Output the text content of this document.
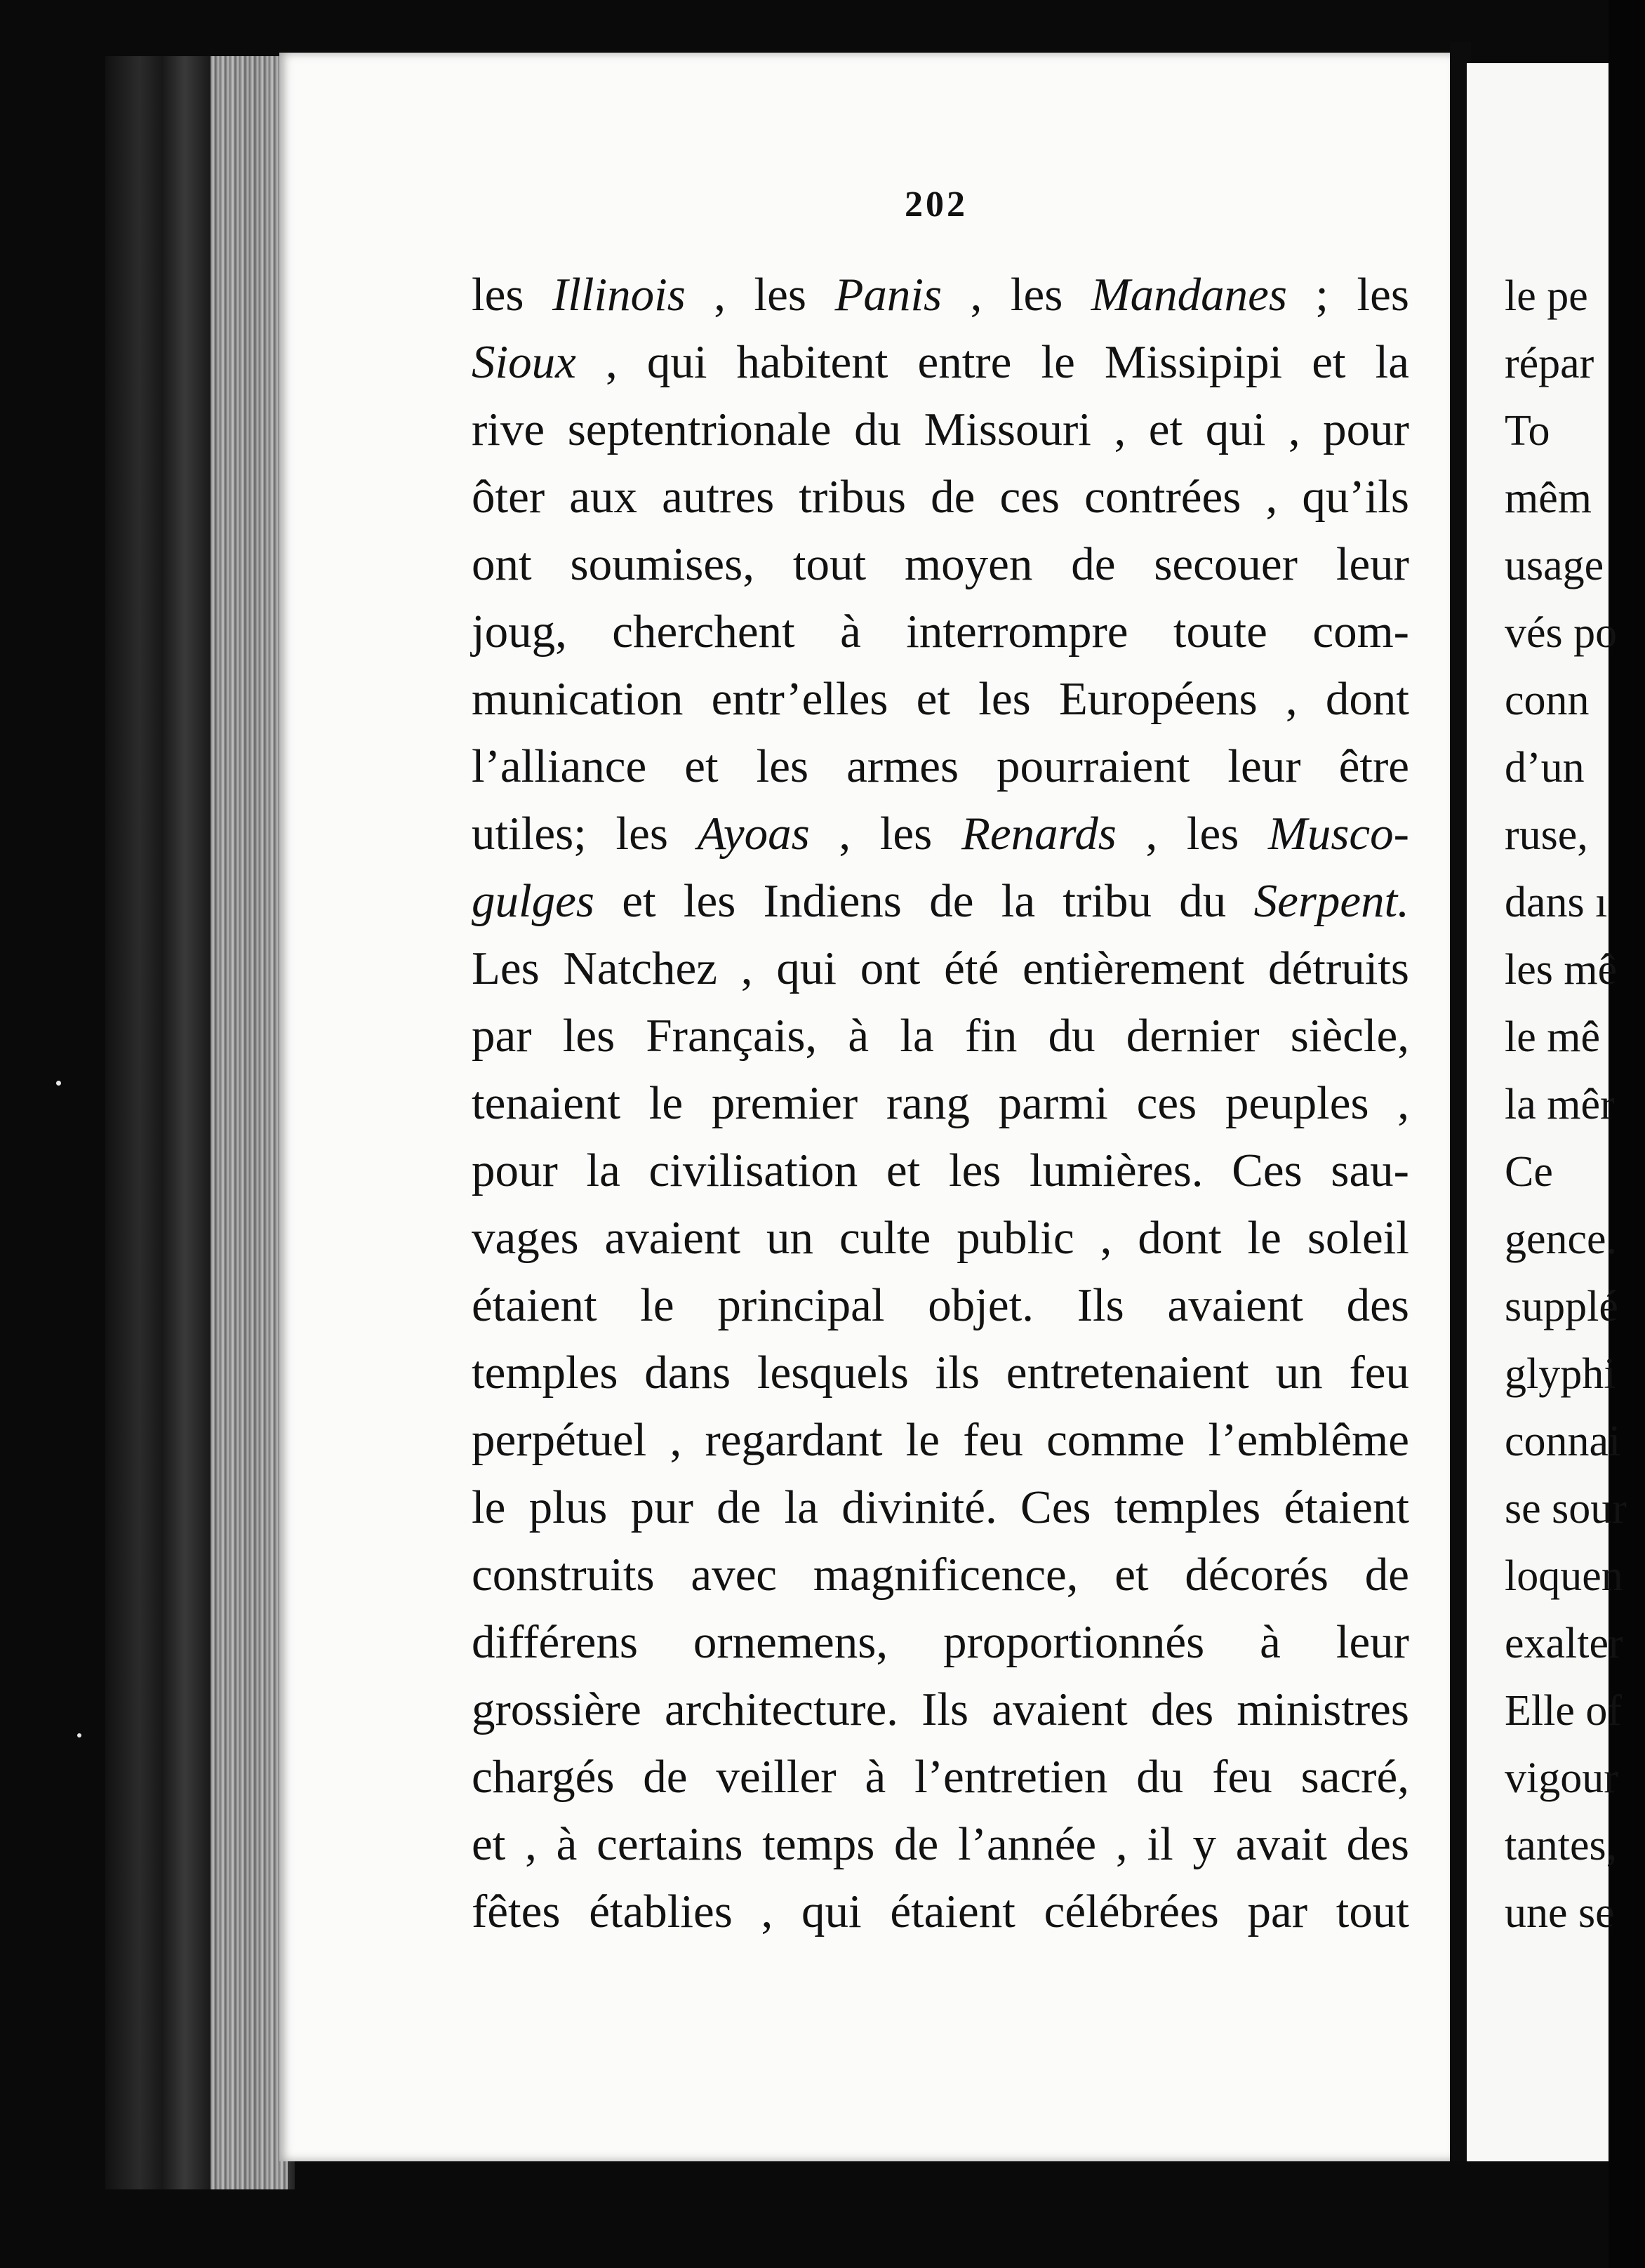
202
les Illinois , les Panis , les Mandanes ; les
Sioux , qui habitent entre le Missipipi et la
rive septentrionale du Missouri , et qui , pour
ôter aux autres tribus de ces contrées , qu’ils
ont soumises, tout moyen de secouer leur
joug, cherchent à interrompre toute com-
munication entr’elles et les Européens , dont
l’alliance et les armes pourraient leur être
utiles; les Ayoas , les Renards , les Musco-
gulges et les Indiens de la tribu du Serpent.
Les Natchez , qui ont été entièrement détruits
par les Français, à la fin du dernier siècle,
tenaient le premier rang parmi ces peuples ,
pour la civilisation et les lumières. Ces sau-
vages avaient un culte public , dont le soleil
étaient le principal objet. Ils avaient des
temples dans lesquels ils entretenaient un feu
perpétuel , regardant le feu comme l’emblême
le plus pur de la divinité. Ces temples étaient
construits avec magnificence, et décorés de
différens ornemens, proportionnés à leur
grossière architecture. Ils avaient des ministres
chargés de veiller à l’entretien du feu sacré,
et , à certains temps de l’année , il y avait des
fêtes établies , qui étaient célébrées par tout
le pe
répar
To
mêm
usage
vés po
conn
d’un
ruse,
dans ı
les mê
le mê
la mêr
Ce
gence.
supplé
glyphi
connai
se sour
loquen
exalter
Elle of
vigour
tantes,
une se
